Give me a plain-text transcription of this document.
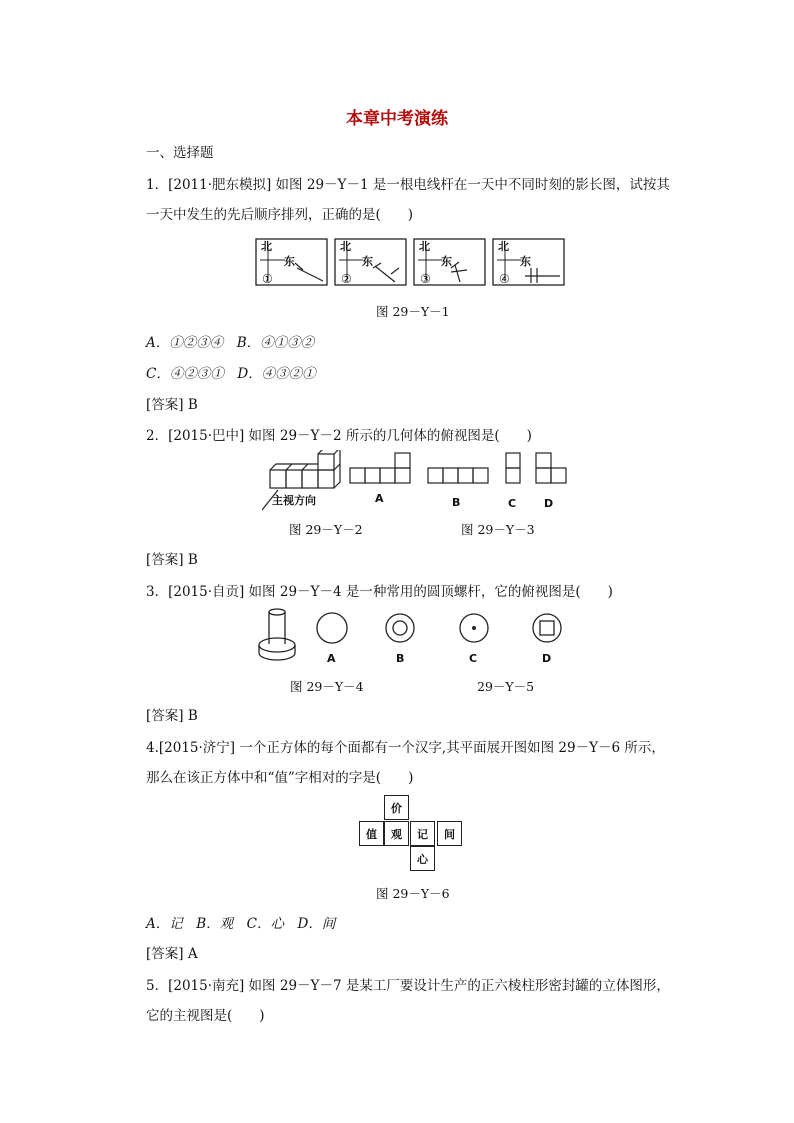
本章中考演练
一、选择题
1．[2011·肥东模拟] 如图 29－Y－1 是一根电线杆在一天中不同时刻的影长图，试按其
一天中发生的先后顺序排列，正确的是(　　)
北
东
北
东
北
东
北
东
①	②	③	④
图 29－Y－1
A．①②③④　B．④①③②
C．④②③①　D．④③②①
[答案] B
2．[2015·巴中] 如图 29－Y－2 所示的几何体的俯视图是(　　)
主视方向	A	B	C	D
图 29－Y－2	图 29－Y－3
[答案] B
3．[2015·自贡] 如图 29－Y－4 是一种常用的圆顶螺杆，它的俯视图是(　　)
A	B	C	D
图 29－Y－4	29－Y－5
[答案] B
4.[2015·济宁] 一个正方体的每个面都有一个汉字,其平面展开图如图 29－Y－6 所示，
那么在该正方体中和“值”字相对的字是(　　)
价
值	观	记	间
心
图 29－Y－6
A．记　B．观　C．心　D．间
[答案] A
5．[2015·南充] 如图 29－Y－7 是某工厂要设计生产的正六棱柱形密封罐的立体图形，
它的主视图是(　　)
